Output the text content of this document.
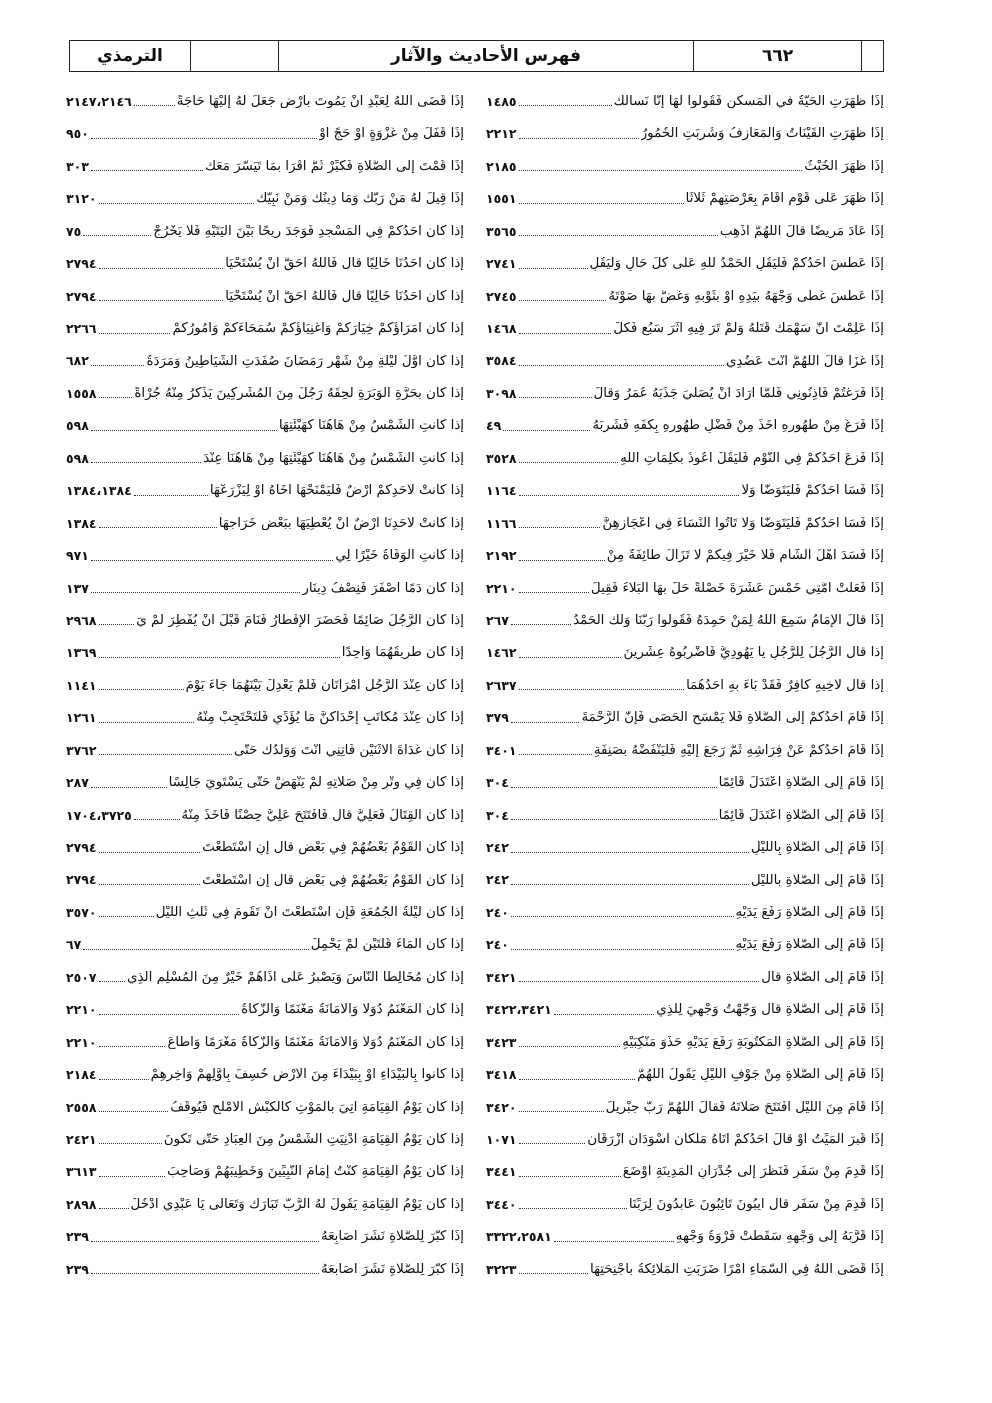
٦٦٢
فهرس الأحاديث والآثار
الترمذي
إذَا ظَهَرَتِ الحَيَّةُ في المَسكَنِ فَقُولُوا لَهَا إنَّا نَسألُكَ
١٤٨٥
إذَا ظَهَرَتِ القَيْنَاتُ وَالمَعَازِفُ وَشُرِبَتِ الخُمُورُ
٢٢١٢
إذَا ظَهَرَ الخُبْثُ
٢١٨٥
إذَا ظَهَرَ عَلَى قَوْمٍ أَقَامَ بِعَرْصَتِهِمْ ثَلاثًا
١٥٥١
إذَا عَادَ مَرِيضًا قالَ اللَّهُمَّ أَذْهِبِ
٣٥٦٥
إذَا عَطَسَ أَحَدُكُمْ فَلْيَقُلِ الحَمْدُ للهِ عَلَى كُلِّ حَالٍ وَلْيَقُلِ
٢٧٤١
إذَا عَطَسَ غَطَّى وَجْهَهُ بِيَدِهِ أَوْ بِثَوْبِهِ وَغَضَّ بِهَا صَوْتَهُ
٢٧٤٥
إذَا عَلِمْتَ أَنَّ سَهْمَكَ قَتَلَهُ وَلَمْ تَرَ فِيهِ أَثَرَ سَبُعٍ فَكُلْ
١٤٦٨
إذَا غَزَا قالَ اللَّهُمَّ أَنْتَ عَضُدِي
٣٥٨٤
إذَا فَرَغْتُمْ فَآذِنُونِي فَلَمَّا أَرَادَ أَنْ يُصَلِّيَ جَذَبَهُ عُمَرُ وَقالَ
٣٠٩٨
إذَا فَرَغَ مِنْ طَهُورِهِ أَخَذَ مِنْ فَضْلِ طَهُورِهِ بِكَفِّهِ فَشَرِبَهُ
٤٩
إذَا فَزِعَ أَحَدُكُمْ فِي النَّوْمِ فَلْيَقُلْ أَعُوذُ بِكَلِمَاتِ اللهِ
٣٥٢٨
إذَا فَسَا أَحَدُكُمْ فَلْيَتَوَضَّأْ وَلا
١١٦٤
إذَا فَسَا أَحَدُكُمْ فَلْيَتَوَضَّأْ وَلا تَأْتُوا النِّسَاءَ فِي أَعْجَازِهِنَّ
١١٦٦
إذَا فَسَدَ أَهْلُ الشَّامِ فَلا خَيْرَ فِيكُمْ لا تَزَالُ طَائِفَةٌ مِنْ
٢١٩٢
إذَا فَعَلَتْ أُمَّتِي خَمْسَ عَشْرَةَ خَصْلَةً حَلَّ بِهَا البَلاءُ فَقِيلَ
٢٢١٠
إذَا قالَ الإمَامُ سَمِعَ اللهُ لِمَنْ حَمِدَهُ فَقُولُوا رَبَّنَا وَلَكَ الحَمْدُ
٢٦٧
إذا قال الرَّجُلُ لِلرَّجُلِ يا يَهُودِيُّ فَاضْرِبُوهُ عِشْرِينَ
١٤٦٢
إذا قال لأَخِيهِ كافِرٌ فَقَدْ بَاءَ بِهِ أَحَدُهُمَا
٢٦٣٧
إذَا قَامَ أَحَدُكُمْ إِلَى الصَّلاةِ فَلا يَمْسَحِ الحَصَى فَإِنَّ الرَّحْمَةَ
٣٧٩
إذَا قَامَ أَحَدُكُمْ عَنْ فِرَاشِهِ ثُمَّ رَجَعَ إِلَيْهِ فَلْيَنْفُضْهُ بِصَنِفَةِ
٣٤٠١
إذَا قَامَ إِلَى الصَّلاةِ اعْتَدَلَ قَائِمًا
٣٠٤
إذَا قَامَ إِلَى الصَّلاةِ اعْتَدَلَ قَائِمًا
٣٠٤
إذَا قَامَ إِلَى الصَّلاةِ بِاللَّيْلِ
٢٤٢
إذَا قَامَ إِلَى الصَّلاةِ بِاللَّيْلِ
٢٤٢
إذَا قَامَ إِلَى الصَّلاةِ رَفَعَ يَدَيْهِ
٢٤٠
إذَا قَامَ إِلَى الصَّلاةِ رَفَعَ يَدَيْهِ
٢٤٠
إذَا قَامَ إِلَى الصَّلاةِ قال
٣٤٢١
إذَا قَامَ إِلَى الصَّلاةِ قال وَجَّهْتُ وَجْهِيَ لِلَّذِي
٣٤٢٢،٣٤٢١
إذَا قَامَ إِلَى الصَّلاةِ المَكْتُوبَةِ رَفَعَ يَدَيْهِ حَذْوَ مَنْكِبَيْهِ
٣٤٢٣
إذَا قَامَ إِلَى الصَّلاةِ مِنْ جَوْفِ اللَّيْلِ يَقُولُ اللَّهُمَّ
٣٤١٨
إذَا قَامَ مِنَ اللَّيْلِ افْتَتَحَ صَلاتَهُ فَقالَ اللَّهُمَّ رَبَّ جِبْرِيلَ
٣٤٢٠
إذَا قُبِرَ المَيِّتُ أَوْ قالَ أَحَدُكُمْ أَتَاهُ مَلَكَانِ أَسْوَدَانِ أَزْرَقَانِ
١٠٧١
إذَا قَدِمَ مِنْ سَفَرٍ فَنَظَرَ إِلَى جُدْرَانِ المَدِينَةِ أَوْضَعَ
٣٤٤١
إذَا قَدِمَ مِنْ سَفَرٍ قال آيِبُونَ تَائِبُونَ عَابِدُونَ لِرَبِّنَا
٣٤٤٠
إذَا قَرَّبَهُ إِلَى وَجْهِهِ سَقَطَتْ فَرْوَةُ وَجْهِهِ
٣٣٢٢،٢٥٨١
إذَا قَضَى اللهُ فِي السَّمَاءِ أَمْرًا ضَرَبَتِ المَلائِكَةُ بِأَجْنِحَتِهَا
٣٢٢٣
إذَا قَضَى اللهُ لِعَبْدٍ أَنْ يَمُوتَ بِأَرْضٍ جَعَلَ لَهُ إِلَيْهَا حَاجَةً
٢١٤٧،٢١٤٦
إذَا قَفَلَ مِنْ غَزْوَةٍ أَوْ حَجٍّ أَوْ
٩٥٠
إذَا قُمْتَ إِلَى الصَّلاةِ فَكَبِّرْ ثُمَّ اقْرَأْ بِمَا تَيَسَّرَ مَعَكَ
٣٠٣
إذَا قِيلَ لَهُ مَنْ رَبُّكَ وَمَا دِينُكَ وَمَنْ نَبِيُّكَ
٣١٢٠
إذا كان أَحَدُكُمْ فِي المَسْجِدِ فَوَجَدَ رِيحًا بَيْنَ أَلْيَتَيْهِ فَلا يَخْرُجْ
٧٥
إذا كان أَحَدُنَا خَالِيًا قال فَاللهُ أَحَقُّ أَنْ يُسْتَحْيَا
٢٧٩٤
إذا كان أَحَدُنَا خَالِيًا قال فَاللهُ أَحَقُّ أَنْ يُسْتَحْيَا
٢٧٩٤
إذا كان أُمَرَاؤُكُمْ خِيَارَكُمْ وَأَغْنِيَاؤُكُمْ سُمَحَاءَكُمْ وَأُمُورُكُمْ
٢٢٦٦
إذا كان أَوَّلُ لَيْلَةٍ مِنْ شَهْرِ رَمَضَانَ صُفِّدَتِ الشَّيَاطِينُ وَمَرَدَةُ
٦٨٢
إذا كان بِحَرَّةِ الوَبَرَةِ لَحِقَهُ رَجُلٌ مِنَ المُشْرِكِينَ يَذْكُرُ مِنْهُ جُرْأَةً
١٥٥٨
إذا كانتِ الشَّمْسُ مِنْ هَاهُنَا كَهَيْئَتِهَا
٥٩٨
إذا كانتِ الشَّمْسُ مِنْ هَاهُنَا كَهَيْئَتِهَا مِنْ هَاهُنَا عِنْدَ
٥٩٨
إذا كانتْ لأَحَدِكُمْ أَرْضٌ فَلْيَمْنَحْهَا أَخَاهُ أَوْ لِيَزْرَعْهَا
١٣٨٤،١٣٨٤
إذا كانتْ لأَحَدِنَا أَرْضٌ أَنْ يُعْطِيَهَا بِبَعْضِ خَرَاجِهَا
١٣٨٤
إذا كانتِ الوَفَاةُ خَيْرًا لِي
٩٧١
إذا كان دَمًا أَصْفَرَ فَنِصْفُ دِينَارٍ
١٣٧
إذا كان الرَّجُلُ صَائِمًا فَحَضَرَ الإفْطَارُ فَنَامَ قَبْلَ أَنْ يُفْطِرَ لَمْ يَ
٢٩٦٨
إذا كان طَرِيقُهُمَا وَاحِدًا
١٣٦٩
إذا كان عِنْدَ الرَّجُلِ امْرَأَتَانِ فَلَمْ يَعْدِلْ بَيْنَهُمَا جَاءَ يَوْمَ
١١٤١
إذا كان عِنْدَ مُكَاتَبِ إِحْدَاكُنَّ مَا يُؤَدِّي فَلْتَحْتَجِبْ مِنْهُ
١٢٦١
إذا كان غَدَاةَ الاثْنَيْنِ فَأْتِنِي أَنْتَ وَوَلَدُكَ حَتَّى
٣٧٦٢
إذا كان فِي وِتْرٍ مِنْ صَلاتِهِ لَمْ يَنْهَضْ حَتَّى يَسْتَوِيَ جَالِسًا
٢٨٧
إذا كان القِتَالُ فَعَلِيٌّ قال فَافْتَتَحَ عَلِيٌّ حِصْنًا فَأَخَذَ مِنْهُ
١٧٠٤،٣٧٢٥
إذا كان القَوْمُ بَعْضُهُمْ فِي بَعْضٍ قال إِنِ اسْتَطَعْتَ
٢٧٩٤
إذا كان القَوْمُ بَعْضُهُمْ فِي بَعْضٍ قال إِنِ اسْتَطَعْتَ
٢٧٩٤
إذا كان لَيْلَةُ الجُمُعَةِ فَإِنِ اسْتَطَعْتَ أَنْ تَقُومَ فِي ثُلُثِ اللَّيْلِ
٣٥٧٠
إذا كان المَاءُ قُلَّتَيْنِ لَمْ يَحْمِلْ
٦٧
إذا كان مُخَالِطًا النَّاسَ وَيَصْبِرُ عَلَى أَذَاهُمْ خَيْرٌ مِنَ المُسْلِمِ الَّذِي
٢٥٠٧
إذا كان المَغْنَمُ دُوَلًا وَالأَمَانَةُ مَغْنَمًا وَالزَّكَاةُ
٢٢١٠
إذا كان المَغْنَمُ دُوَلًا وَالأَمَانَةُ مَغْنَمًا وَالزَّكَاةُ مَغْرَمًا وَأَطَاعَ
٢٢١٠
إذا كانوا بِالبَيْدَاءِ أَوْ بِبَيْدَاءَ مِنَ الأَرْضِ خُسِفَ بِأَوَّلِهِمْ وَآخِرِهِمْ
٢١٨٤
إذا كان يَوْمُ القِيَامَةِ أُتِيَ بِالمَوْتِ كَالكَبْشِ الأَمْلَحِ فَيُوقَفُ
٢٥٥٨
إذا كان يَوْمُ القِيَامَةِ أُدْنِيَتِ الشَّمْسُ مِنَ العِبَادِ حَتَّى تَكُونَ
٢٤٢١
إذا كان يَوْمُ القِيَامَةِ كُنْتُ إِمَامَ النَّبِيِّينَ وَخَطِيبَهُمْ وَصَاحِبَ
٣٦١٣
إذا كان يَوْمُ القِيَامَةِ يَقُولُ لَهُ الرَّبُّ تَبَارَكَ وَتَعَالَى يَا عَبْدِي ادْخُلْ
٢٨٩٨
إذَا كَبَّرَ لِلصَّلاةِ نَشَرَ أَصَابِعَهُ
٢٣٩
إذَا كَبَّرَ لِلصَّلاةِ نَشَرَ أَصَابِعَهُ
٢٣٩
